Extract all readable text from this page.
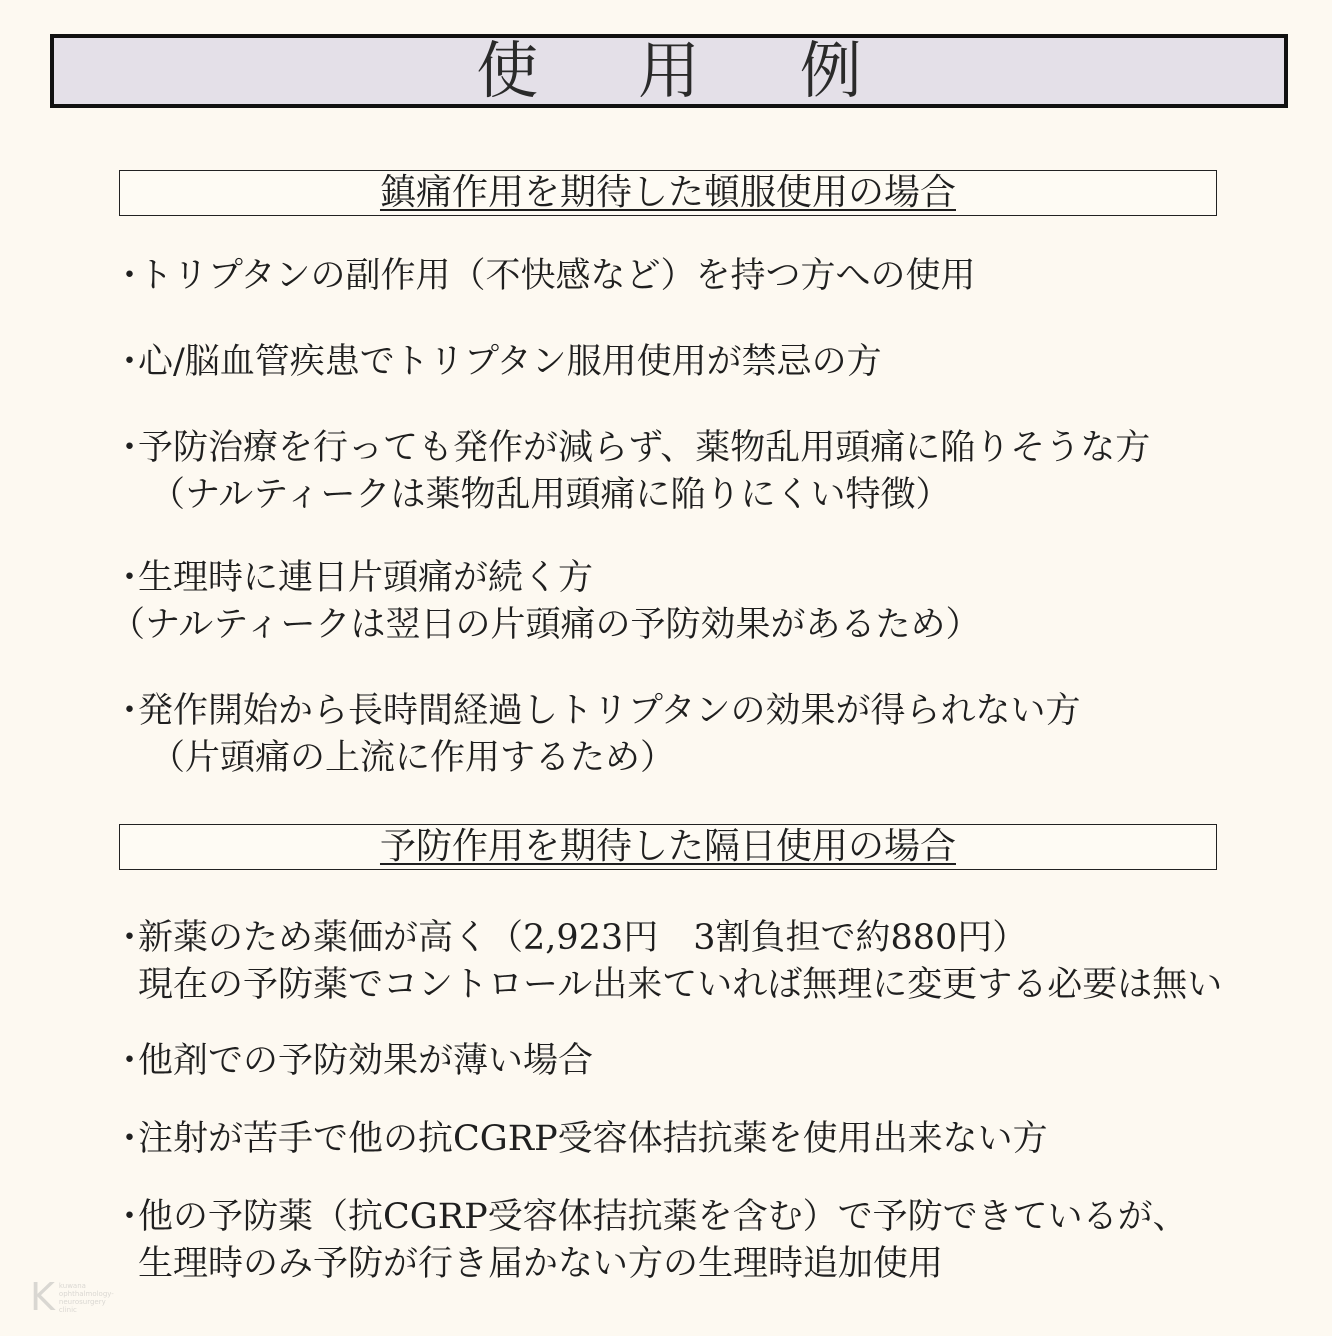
使 用 例
鎮痛作用を期待した頓服使用の場合
・トリプタンの副作用（不快感など）を持つ方への使用
・心/脳血管疾患でトリプタン服用使用が禁忌の方
・予防治療を行っても発作が減らず、薬物乱用頭痛に陥りそうな方
（ナルティークは薬物乱用頭痛に陥りにくい特徴）
・生理時に連日片頭痛が続く方
（ナルティークは翌日の片頭痛の予防効果があるため）
・発作開始から長時間経過しトリプタンの効果が得られない方
（片頭痛の上流に作用するため）
予防作用を期待した隔日使用の場合
・新薬のため薬価が高く（2,923円　3割負担で約880円）
現在の予防薬でコントロール出来ていれば無理に変更する必要は無い
・他剤での予防効果が薄い場合
・注射が苦手で他の抗CGRP受容体拮抗薬を使用出来ない方
・他の予防薬（抗CGRP受容体拮抗薬を含む）で予防できているが、
生理時のみ予防が行き届かない方の生理時追加使用
K kuwana
ophthalmology-
neurosurgery
clinic
